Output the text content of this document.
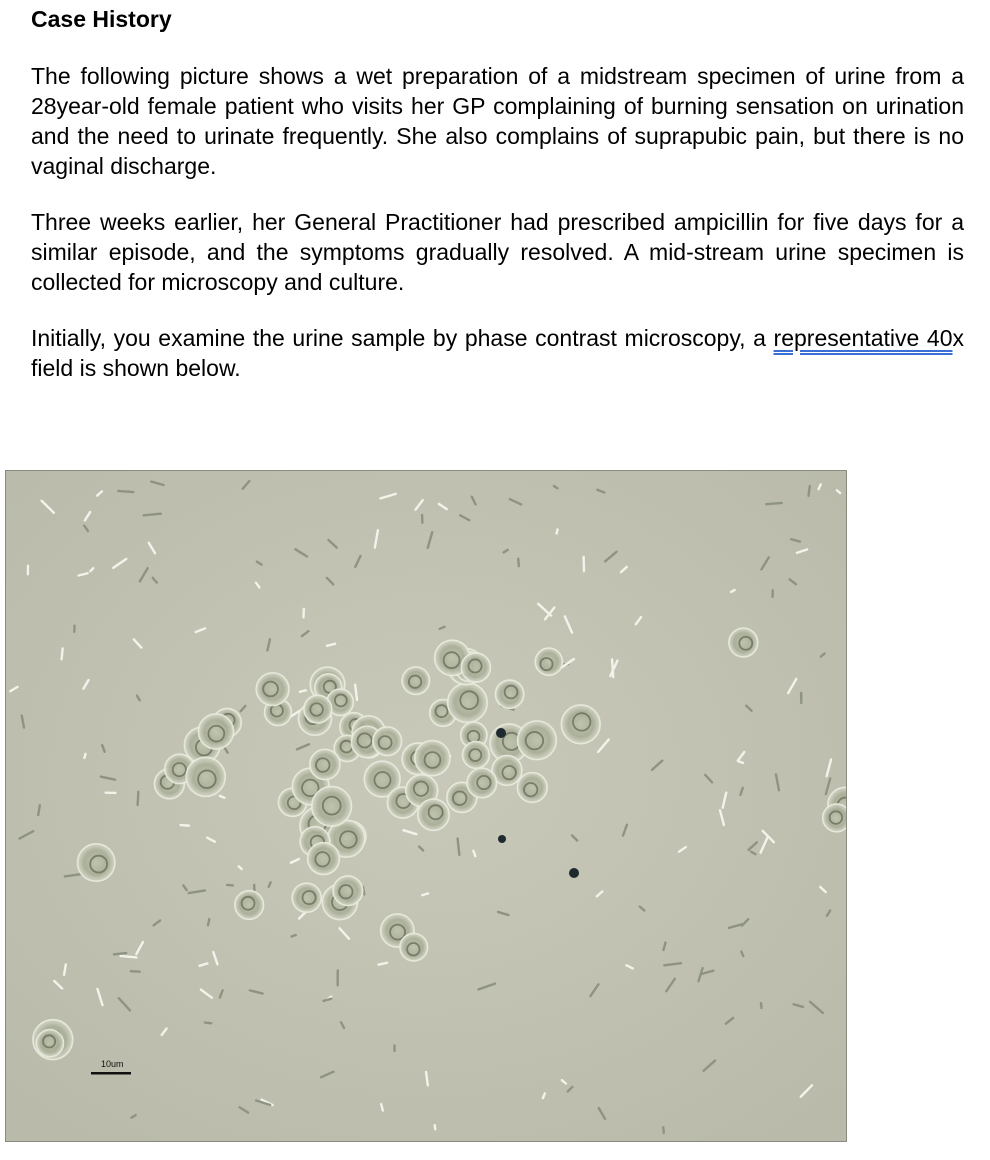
Case History

The following picture shows a wet preparation of a midstream specimen of urine from a 28year-old female patient who visits her GP complaining of burning sensation on urination and the need to urinate frequently. She also complains of suprapubic pain, but there is no vaginal discharge.

Three weeks earlier, her General Practitioner had prescribed ampicillin for five days for a similar episode, and the symptoms gradually resolved. A mid-stream urine specimen is collected for microscopy and culture.

Initially, you examine the urine sample by phase contrast microscopy, a representative 40x field is shown below.

10um
